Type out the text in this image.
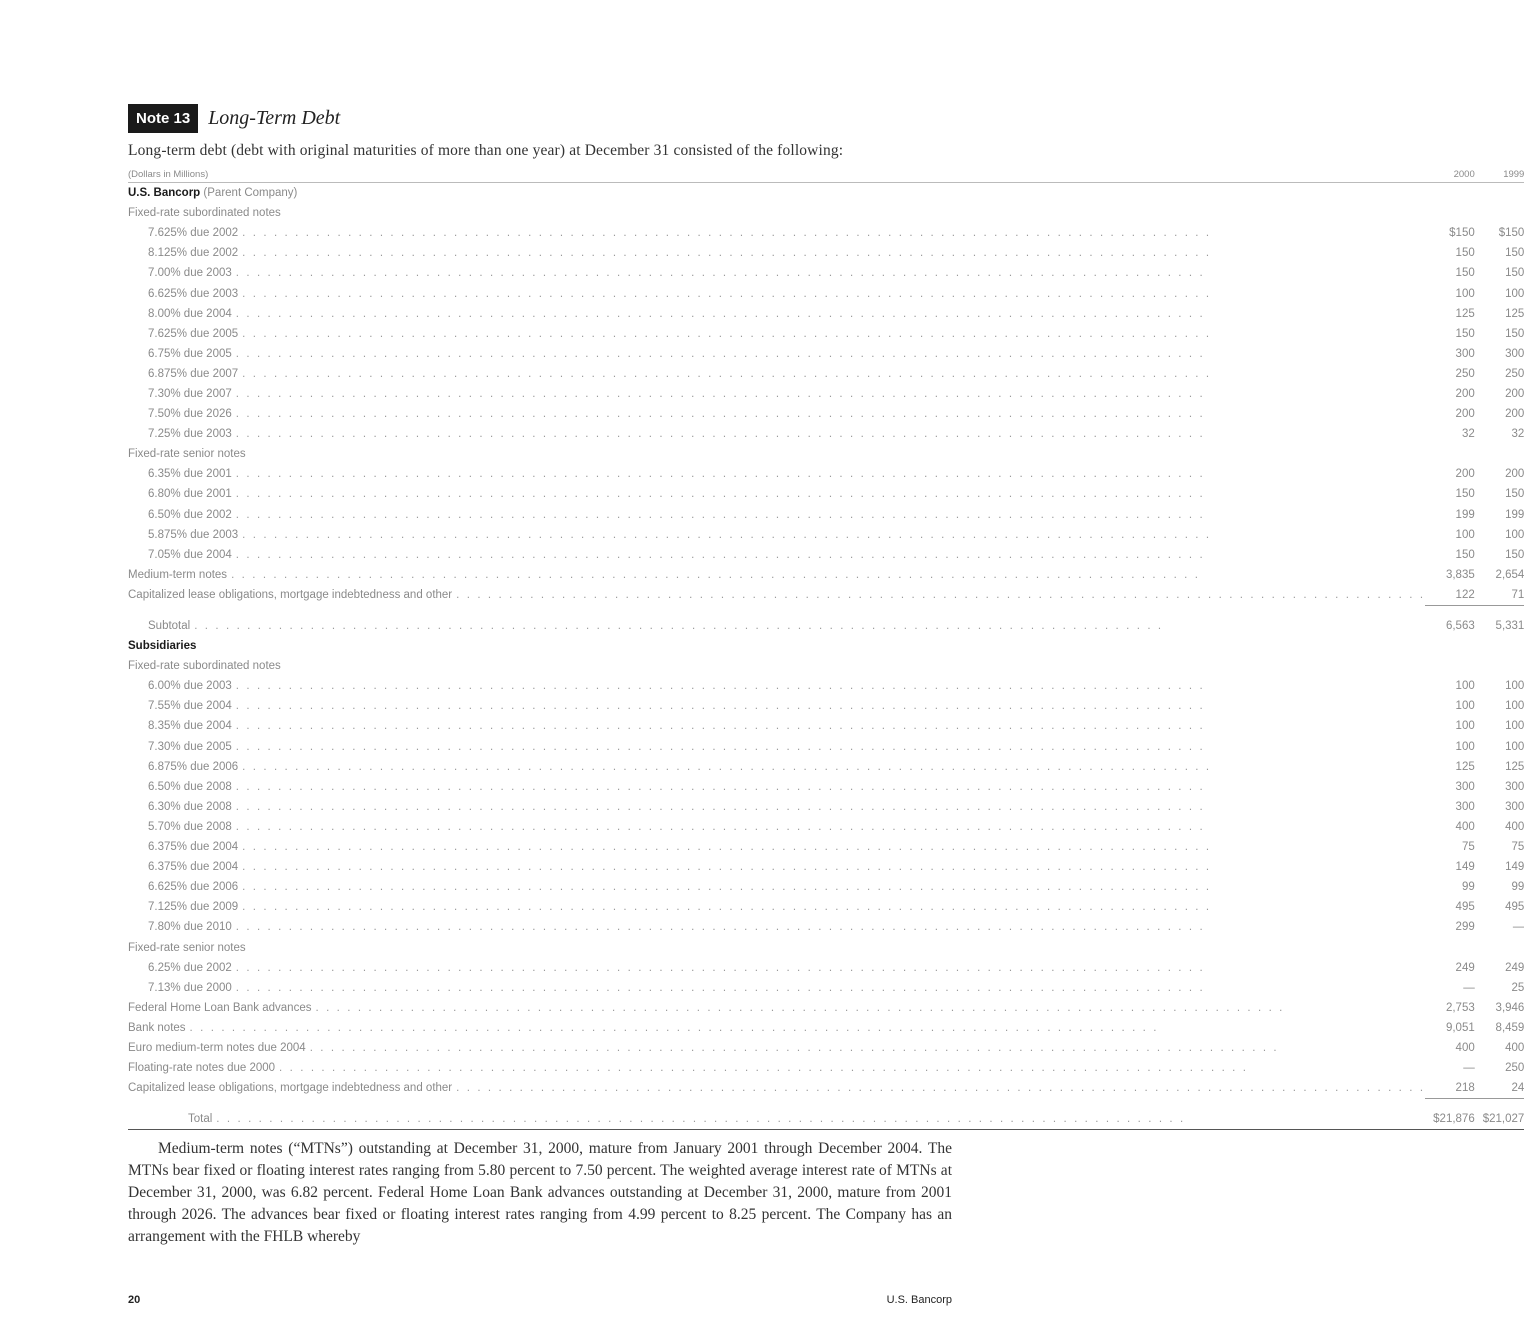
Note 13 Long-Term Debt
Long-term debt (debt with original maturities of more than one year) at December 31 consisted of the following:
(Dollars in Millions)	2000	1999
U.S. Bancorp (Parent Company)		
Fixed-rate subordinated notes		

7.625% due 2002 . . . . . . . . . . . . . . . . . . . . . . . . . . . . . . . . . . . . . . . . . . . . . . . . . . . . . . . . . . . . . . . . . . . . . . . . . . . . . . . . . . . . . . . . . . . .	$ 150	$ 150

8.125% due 2002 . . . . . . . . . . . . . . . . . . . . . . . . . . . . . . . . . . . . . . . . . . . . . . . . . . . . . . . . . . . . . . . . . . . . . . . . . . . . . . . . . . . . . . . . . . . .	150	150

7.00% due 2003 . . . . . . . . . . . . . . . . . . . . . . . . . . . . . . . . . . . . . . . . . . . . . . . . . . . . . . . . . . . . . . . . . . . . . . . . . . . . . . . . . . . . . . . . . . . .	150	150

6.625% due 2003 . . . . . . . . . . . . . . . . . . . . . . . . . . . . . . . . . . . . . . . . . . . . . . . . . . . . . . . . . . . . . . . . . . . . . . . . . . . . . . . . . . . . . . . . . . . .	100	100

8.00% due 2004 . . . . . . . . . . . . . . . . . . . . . . . . . . . . . . . . . . . . . . . . . . . . . . . . . . . . . . . . . . . . . . . . . . . . . . . . . . . . . . . . . . . . . . . . . . . .	125	125

7.625% due 2005 . . . . . . . . . . . . . . . . . . . . . . . . . . . . . . . . . . . . . . . . . . . . . . . . . . . . . . . . . . . . . . . . . . . . . . . . . . . . . . . . . . . . . . . . . . . .	150	150

6.75% due 2005 . . . . . . . . . . . . . . . . . . . . . . . . . . . . . . . . . . . . . . . . . . . . . . . . . . . . . . . . . . . . . . . . . . . . . . . . . . . . . . . . . . . . . . . . . . . .	300	300

6.875% due 2007 . . . . . . . . . . . . . . . . . . . . . . . . . . . . . . . . . . . . . . . . . . . . . . . . . . . . . . . . . . . . . . . . . . . . . . . . . . . . . . . . . . . . . . . . . . . .	250	250

7.30% due 2007 . . . . . . . . . . . . . . . . . . . . . . . . . . . . . . . . . . . . . . . . . . . . . . . . . . . . . . . . . . . . . . . . . . . . . . . . . . . . . . . . . . . . . . . . . . . .	200	200

7.50% due 2026 . . . . . . . . . . . . . . . . . . . . . . . . . . . . . . . . . . . . . . . . . . . . . . . . . . . . . . . . . . . . . . . . . . . . . . . . . . . . . . . . . . . . . . . . . . . .	200	200

7.25% due 2003 . . . . . . . . . . . . . . . . . . . . . . . . . . . . . . . . . . . . . . . . . . . . . . . . . . . . . . . . . . . . . . . . . . . . . . . . . . . . . . . . . . . . . . . . . . . .	32	32
Fixed-rate senior notes		

6.35% due 2001 . . . . . . . . . . . . . . . . . . . . . . . . . . . . . . . . . . . . . . . . . . . . . . . . . . . . . . . . . . . . . . . . . . . . . . . . . . . . . . . . . . . . . . . . . . . .	200	200

6.80% due 2001 . . . . . . . . . . . . . . . . . . . . . . . . . . . . . . . . . . . . . . . . . . . . . . . . . . . . . . . . . . . . . . . . . . . . . . . . . . . . . . . . . . . . . . . . . . . .	150	150

6.50% due 2002 . . . . . . . . . . . . . . . . . . . . . . . . . . . . . . . . . . . . . . . . . . . . . . . . . . . . . . . . . . . . . . . . . . . . . . . . . . . . . . . . . . . . . . . . . . . .	199	199

5.875% due 2003 . . . . . . . . . . . . . . . . . . . . . . . . . . . . . . . . . . . . . . . . . . . . . . . . . . . . . . . . . . . . . . . . . . . . . . . . . . . . . . . . . . . . . . . . . . . .	100	100

7.05% due 2004 . . . . . . . . . . . . . . . . . . . . . . . . . . . . . . . . . . . . . . . . . . . . . . . . . . . . . . . . . . . . . . . . . . . . . . . . . . . . . . . . . . . . . . . . . . . .	150	150

Medium-term notes . . . . . . . . . . . . . . . . . . . . . . . . . . . . . . . . . . . . . . . . . . . . . . . . . . . . . . . . . . . . . . . . . . . . . . . . . . . . . . . . . . . . . . . . . . . .	3,835	2,654

Capitalized lease obligations, mortgage indebtedness and other . . . . . . . . . . . . . . . . . . . . . . . . . . . . . . . . . . . . . . . . . . . . . . . . . . . . . . . . . . . . . . . . . . . . . . . . . . . . . . . . . . . . . . . . . . . .	122	71

Subtotal . . . . . . . . . . . . . . . . . . . . . . . . . . . . . . . . . . . . . . . . . . . . . . . . . . . . . . . . . . . . . . . . . . . . . . . . . . . . . . . . . . . . . . . . . . . .	6,563	5,331
Subsidiaries		
Fixed-rate subordinated notes		

6.00% due 2003 . . . . . . . . . . . . . . . . . . . . . . . . . . . . . . . . . . . . . . . . . . . . . . . . . . . . . . . . . . . . . . . . . . . . . . . . . . . . . . . . . . . . . . . . . . . .	100	100

7.55% due 2004 . . . . . . . . . . . . . . . . . . . . . . . . . . . . . . . . . . . . . . . . . . . . . . . . . . . . . . . . . . . . . . . . . . . . . . . . . . . . . . . . . . . . . . . . . . . .	100	100

8.35% due 2004 . . . . . . . . . . . . . . . . . . . . . . . . . . . . . . . . . . . . . . . . . . . . . . . . . . . . . . . . . . . . . . . . . . . . . . . . . . . . . . . . . . . . . . . . . . . .	100	100

7.30% due 2005 . . . . . . . . . . . . . . . . . . . . . . . . . . . . . . . . . . . . . . . . . . . . . . . . . . . . . . . . . . . . . . . . . . . . . . . . . . . . . . . . . . . . . . . . . . . .	100	100

6.875% due 2006 . . . . . . . . . . . . . . . . . . . . . . . . . . . . . . . . . . . . . . . . . . . . . . . . . . . . . . . . . . . . . . . . . . . . . . . . . . . . . . . . . . . . . . . . . . . .	125	125

6.50% due 2008 . . . . . . . . . . . . . . . . . . . . . . . . . . . . . . . . . . . . . . . . . . . . . . . . . . . . . . . . . . . . . . . . . . . . . . . . . . . . . . . . . . . . . . . . . . . .	300	300

6.30% due 2008 . . . . . . . . . . . . . . . . . . . . . . . . . . . . . . . . . . . . . . . . . . . . . . . . . . . . . . . . . . . . . . . . . . . . . . . . . . . . . . . . . . . . . . . . . . . .	300	300

5.70% due 2008 . . . . . . . . . . . . . . . . . . . . . . . . . . . . . . . . . . . . . . . . . . . . . . . . . . . . . . . . . . . . . . . . . . . . . . . . . . . . . . . . . . . . . . . . . . . .	400	400

6.375% due 2004 . . . . . . . . . . . . . . . . . . . . . . . . . . . . . . . . . . . . . . . . . . . . . . . . . . . . . . . . . . . . . . . . . . . . . . . . . . . . . . . . . . . . . . . . . . . .	75	75

6.375% due 2004 . . . . . . . . . . . . . . . . . . . . . . . . . . . . . . . . . . . . . . . . . . . . . . . . . . . . . . . . . . . . . . . . . . . . . . . . . . . . . . . . . . . . . . . . . . . .	149	149

6.625% due 2006 . . . . . . . . . . . . . . . . . . . . . . . . . . . . . . . . . . . . . . . . . . . . . . . . . . . . . . . . . . . . . . . . . . . . . . . . . . . . . . . . . . . . . . . . . . . .	99	99

7.125% due 2009 . . . . . . . . . . . . . . . . . . . . . . . . . . . . . . . . . . . . . . . . . . . . . . . . . . . . . . . . . . . . . . . . . . . . . . . . . . . . . . . . . . . . . . . . . . . .	495	495

7.80% due 2010 . . . . . . . . . . . . . . . . . . . . . . . . . . . . . . . . . . . . . . . . . . . . . . . . . . . . . . . . . . . . . . . . . . . . . . . . . . . . . . . . . . . . . . . . . . . .	299	—
Fixed-rate senior notes		

6.25% due 2002 . . . . . . . . . . . . . . . . . . . . . . . . . . . . . . . . . . . . . . . . . . . . . . . . . . . . . . . . . . . . . . . . . . . . . . . . . . . . . . . . . . . . . . . . . . . .	249	249

7.13% due 2000 . . . . . . . . . . . . . . . . . . . . . . . . . . . . . . . . . . . . . . . . . . . . . . . . . . . . . . . . . . . . . . . . . . . . . . . . . . . . . . . . . . . . . . . . . . . .	—	25

Federal Home Loan Bank advances . . . . . . . . . . . . . . . . . . . . . . . . . . . . . . . . . . . . . . . . . . . . . . . . . . . . . . . . . . . . . . . . . . . . . . . . . . . . . . . . . . . . . . . . . . . .	2,753	3,946

Bank notes . . . . . . . . . . . . . . . . . . . . . . . . . . . . . . . . . . . . . . . . . . . . . . . . . . . . . . . . . . . . . . . . . . . . . . . . . . . . . . . . . . . . . . . . . . . .	9,051	8,459

Euro medium-term notes due 2004 . . . . . . . . . . . . . . . . . . . . . . . . . . . . . . . . . . . . . . . . . . . . . . . . . . . . . . . . . . . . . . . . . . . . . . . . . . . . . . . . . . . . . . . . . . . .	400	400

Floating-rate notes due 2000 . . . . . . . . . . . . . . . . . . . . . . . . . . . . . . . . . . . . . . . . . . . . . . . . . . . . . . . . . . . . . . . . . . . . . . . . . . . . . . . . . . . . . . . . . . . .	—	250

Capitalized lease obligations, mortgage indebtedness and other . . . . . . . . . . . . . . . . . . . . . . . . . . . . . . . . . . . . . . . . . . . . . . . . . . . . . . . . . . . . . . . . . . . . . . . . . . . . . . . . . . . . . . . . . . . .	218	24

Total . . . . . . . . . . . . . . . . . . . . . . . . . . . . . . . . . . . . . . . . . . . . . . . . . . . . . . . . . . . . . . . . . . . . . . . . . . . . . . . . . . . . . . . . . . . .	$21,876	$21,027

Medium-term notes (“MTNs”) outstanding at December 31, 2000, mature from January 2001 through December 2004. The MTNs bear fixed or floating interest rates ranging from 5.80 percent to 7.50 percent. The weighted average interest rate of MTNs at December 31, 2000, was 6.82 percent. Federal Home Loan Bank advances outstanding at December 31, 2000, mature from 2001 through 2026. The advances bear fixed or floating interest rates ranging from 4.99 percent to 8.25 percent. The Company has an arrangement with the FHLB whereby

20	U.S. Bancorp
